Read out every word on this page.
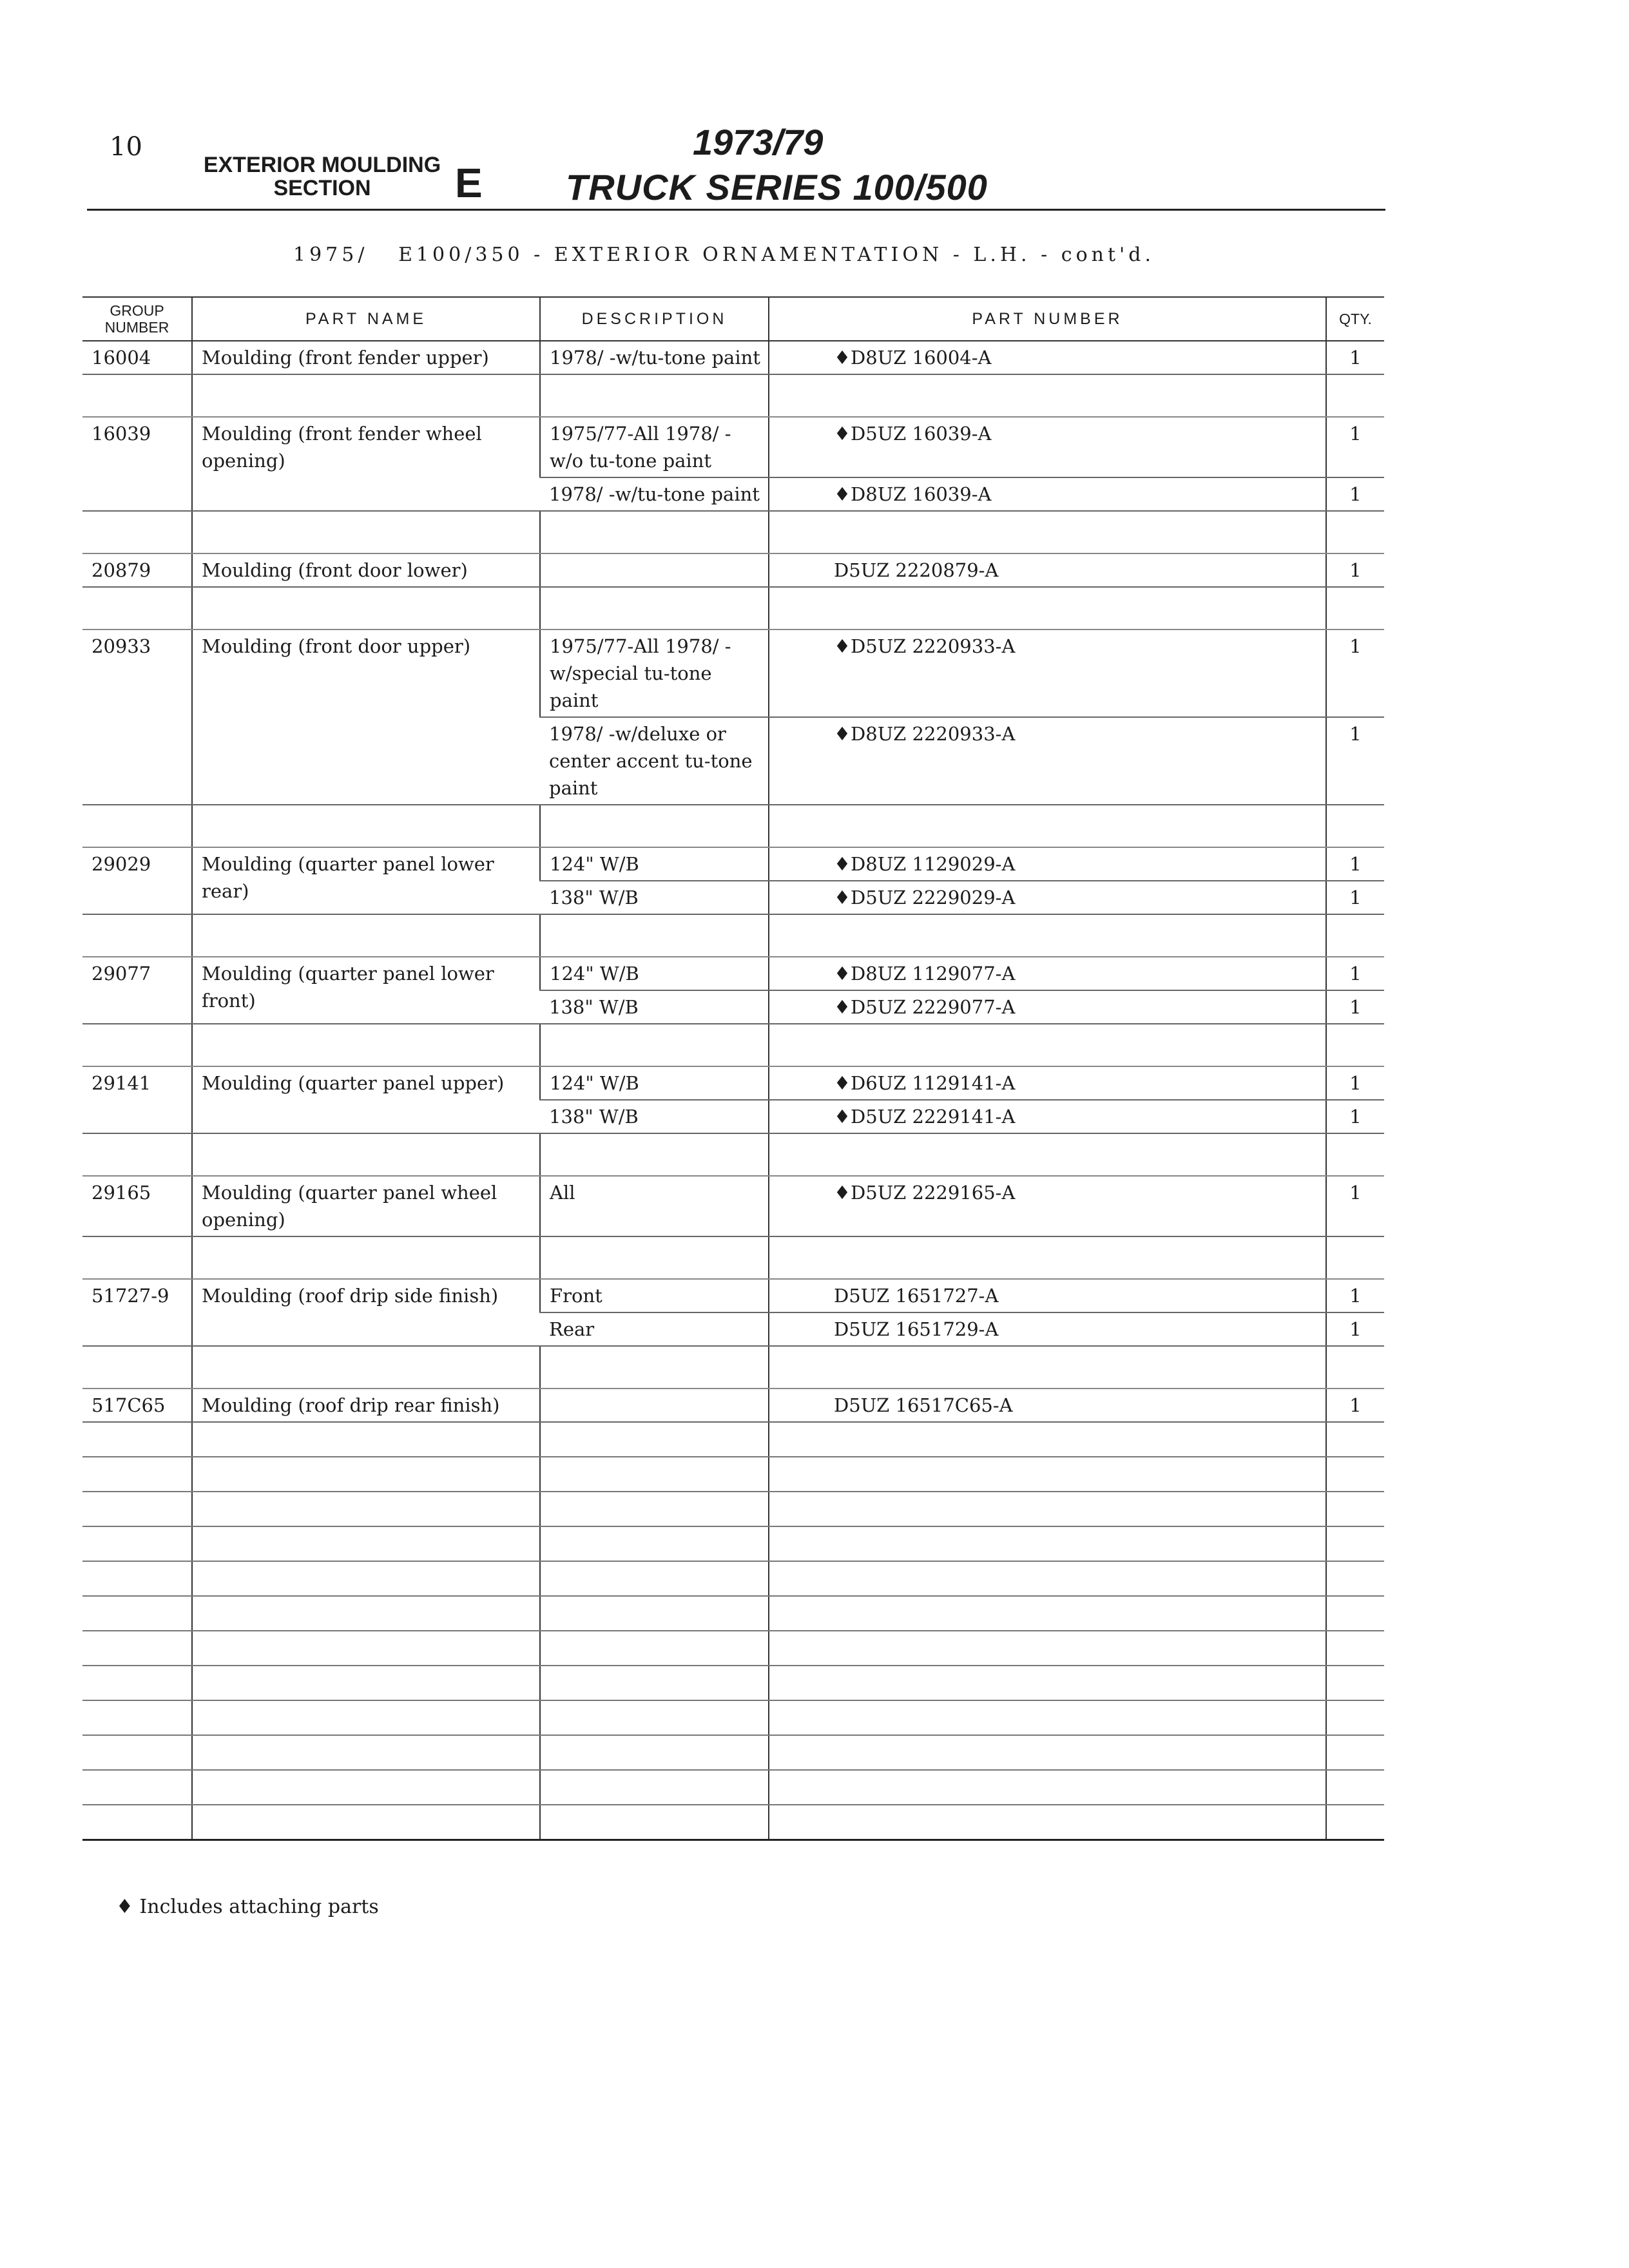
10
EXTERIOR MOULDING
SECTION	E
1973/79
TRUCK SERIES 100/500
1975/   E100/350 - EXTERIOR ORNAMENTATION - L.H. - cont'd.
GROUP
NUMBER	PART NAME	DESCRIPTION	PART NUMBER	QTY.
16004	Moulding (front fender upper)	1978/ -w/tu-tone paint	♦D8UZ 16004-A	1

16039	Moulding (front fender wheel opening)	1975/77-All 1978/ -w/o tu-tone paint	♦D5UZ 16039-A	1
		1978/ -w/tu-tone paint	♦D8UZ 16039-A	1

20879	Moulding (front door lower)		D5UZ 2220879-A	1

20933	Moulding (front door upper)	1975/77-All 1978/ -w/special tu-tone paint	♦D5UZ 2220933-A	1
		1978/ -w/deluxe or center accent tu-tone paint	♦D8UZ 2220933-A	1

29029	Moulding (quarter panel lower rear)	124" W/B	♦D8UZ 1129029-A	1
		138" W/B	♦D5UZ 2229029-A	1

29077	Moulding (quarter panel lower front)	124" W/B	♦D8UZ 1129077-A	1
		138" W/B	♦D5UZ 2229077-A	1

29141	Moulding (quarter panel upper)	124" W/B	♦D6UZ 1129141-A	1
		138" W/B	♦D5UZ 2229141-A	1

29165	Moulding (quarter panel wheel opening)	All	♦D5UZ 2229165-A	1

51727-9	Moulding (roof drip side finish)	Front	D5UZ 1651727-A	1
		Rear	D5UZ 1651729-A	1

517C65	Moulding (roof drip rear finish)		D5UZ 16517C65-A	1

♦ Includes attaching parts
